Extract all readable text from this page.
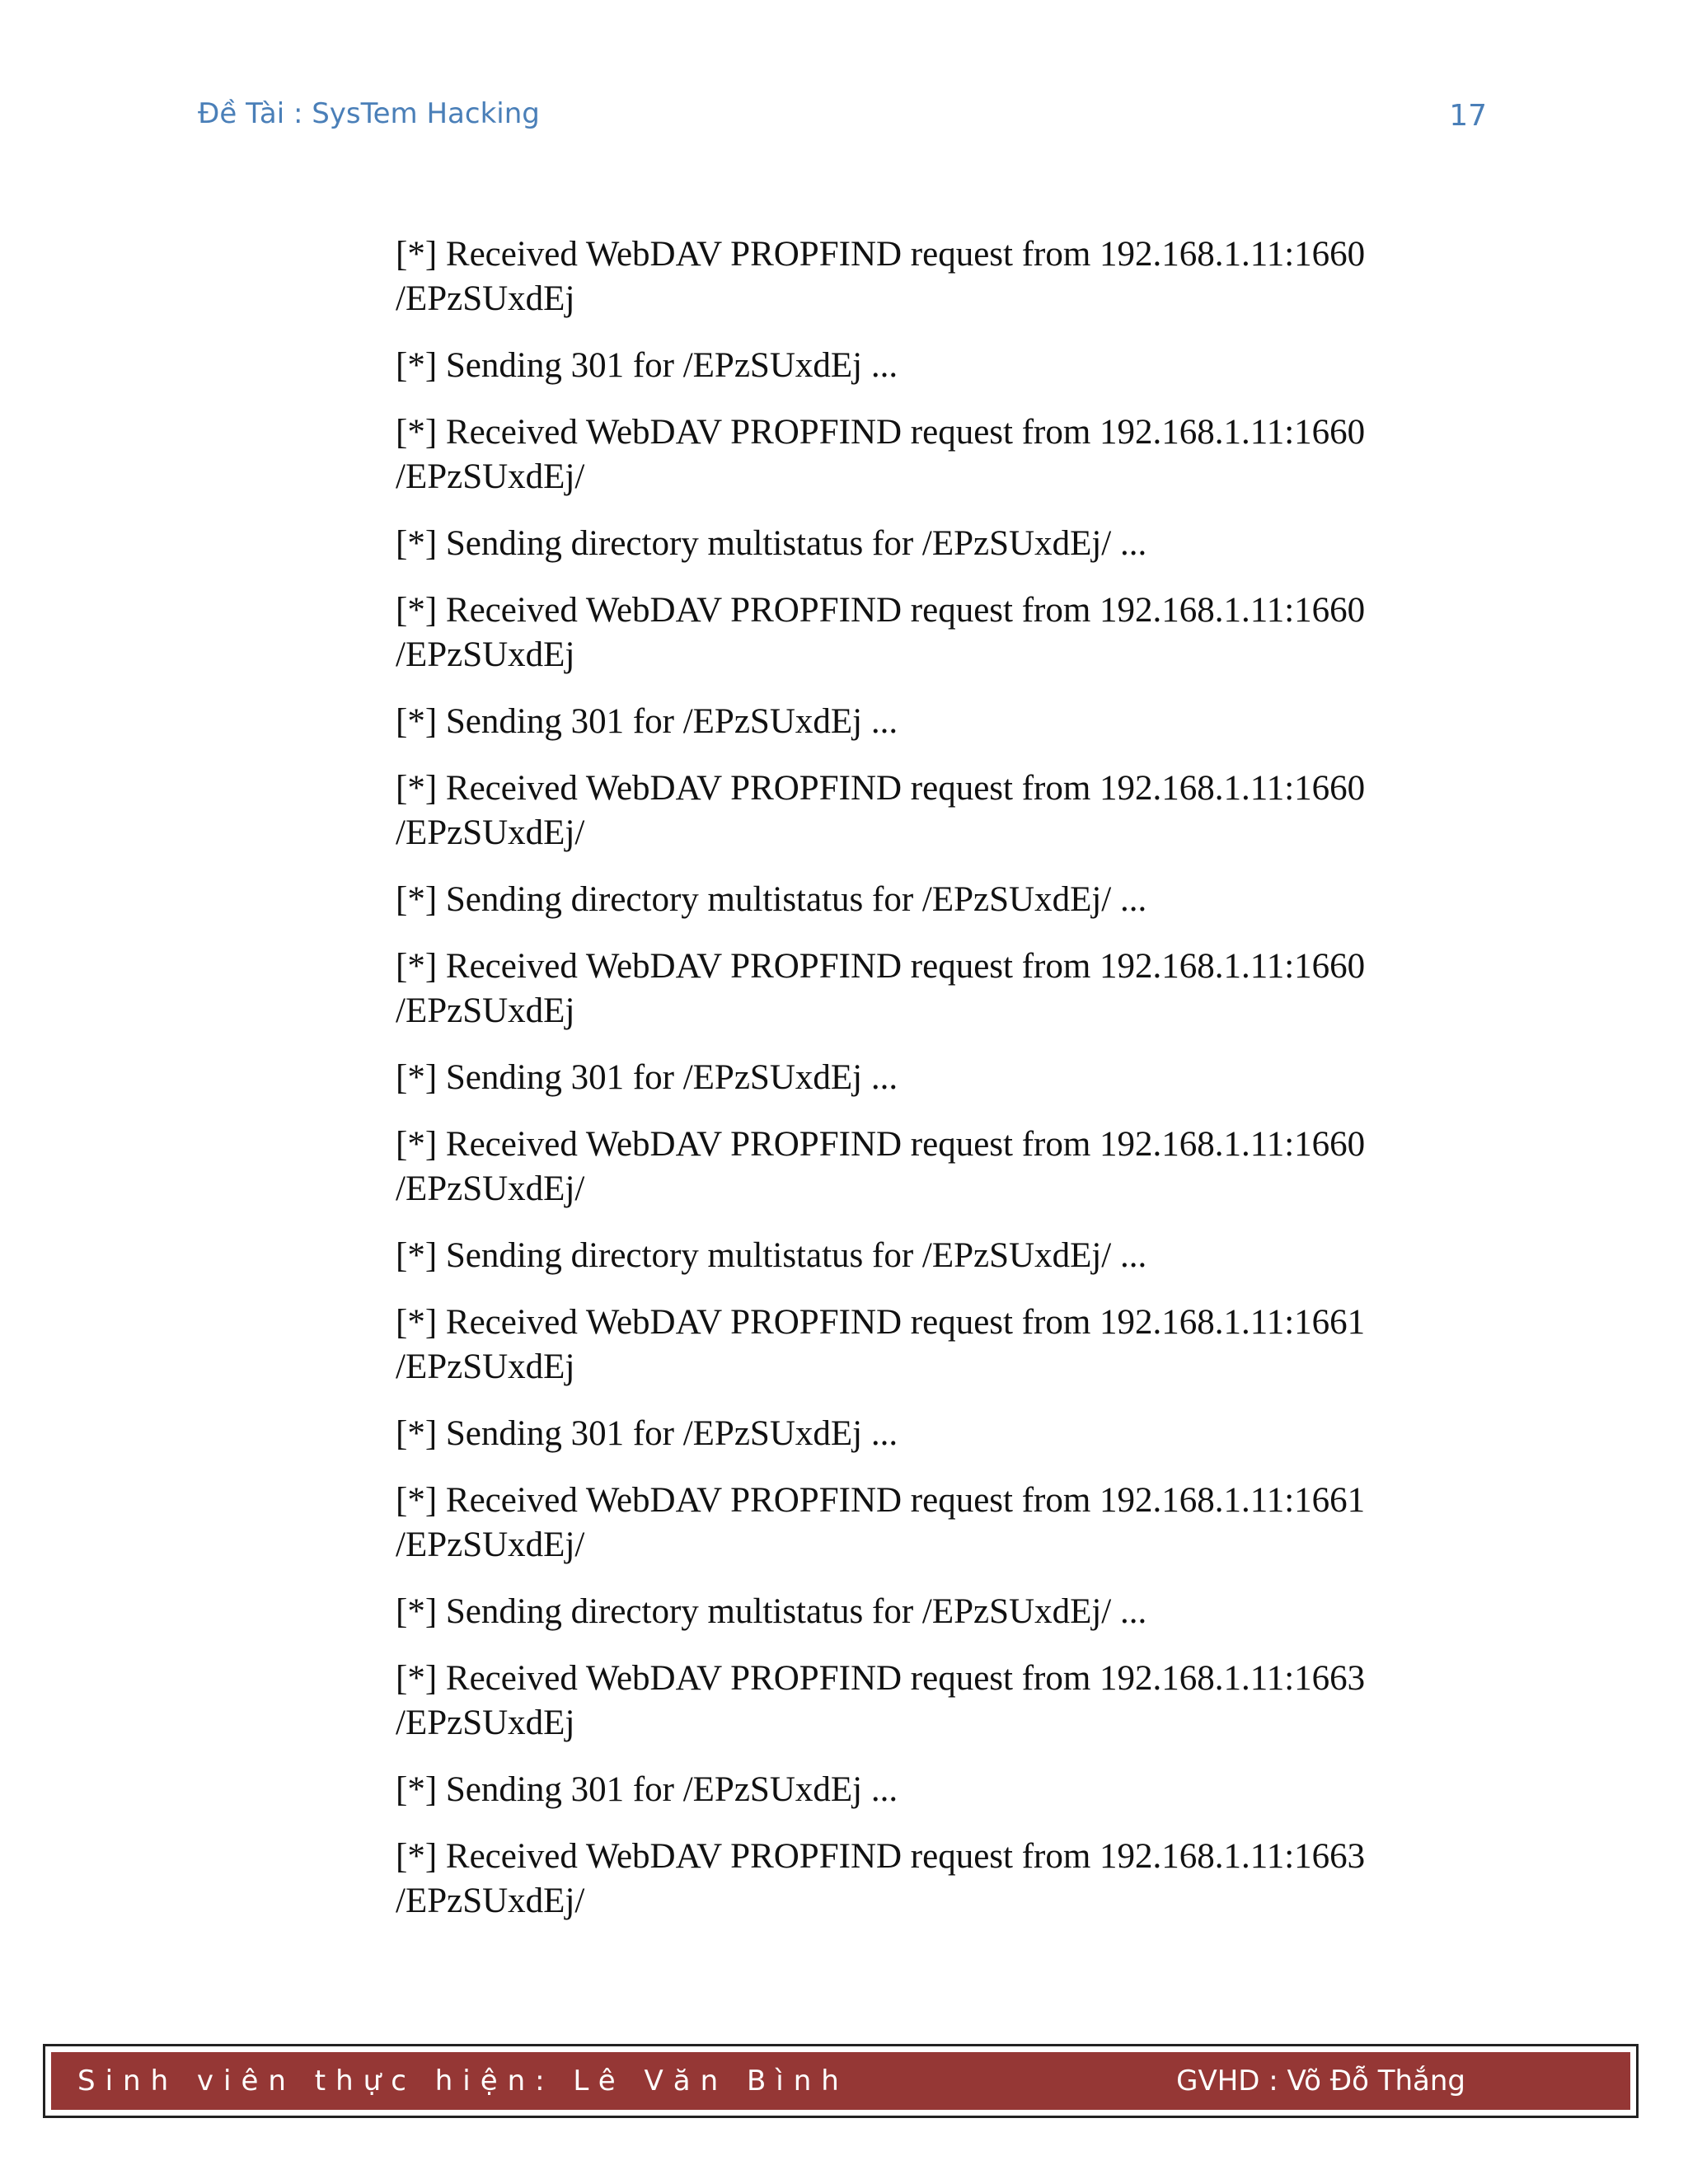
Đề Tài : SysTem Hacking	17
[*] Received WebDAV PROPFIND request from 192.168.1.11:1660
/EPzSUxdEj
[*] Sending 301 for /EPzSUxdEj ...
[*] Received WebDAV PROPFIND request from 192.168.1.11:1660
/EPzSUxdEj/
[*] Sending directory multistatus for /EPzSUxdEj/ ...
[*] Received WebDAV PROPFIND request from 192.168.1.11:1660
/EPzSUxdEj
[*] Sending 301 for /EPzSUxdEj ...
[*] Received WebDAV PROPFIND request from 192.168.1.11:1660
/EPzSUxdEj/
[*] Sending directory multistatus for /EPzSUxdEj/ ...
[*] Received WebDAV PROPFIND request from 192.168.1.11:1660
/EPzSUxdEj
[*] Sending 301 for /EPzSUxdEj ...
[*] Received WebDAV PROPFIND request from 192.168.1.11:1660
/EPzSUxdEj/
[*] Sending directory multistatus for /EPzSUxdEj/ ...
[*] Received WebDAV PROPFIND request from 192.168.1.11:1661
/EPzSUxdEj
[*] Sending 301 for /EPzSUxdEj ...
[*] Received WebDAV PROPFIND request from 192.168.1.11:1661
/EPzSUxdEj/
[*] Sending directory multistatus for /EPzSUxdEj/ ...
[*] Received WebDAV PROPFIND request from 192.168.1.11:1663
/EPzSUxdEj
[*] Sending 301 for /EPzSUxdEj ...
[*] Received WebDAV PROPFIND request from 192.168.1.11:1663
/EPzSUxdEj/
Sinh viên thực hiện: Lê Văn Bình	GVHD : Võ Đỗ Thắng
